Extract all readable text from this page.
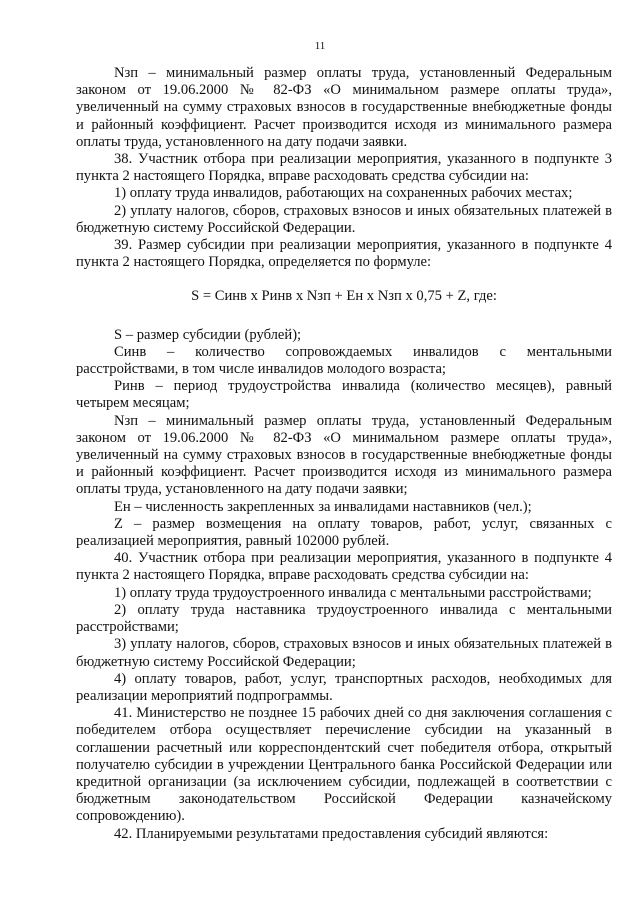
11

Nзп – минимальный размер оплаты труда, установленный Федеральным законом от 19.06.2000 № 82-ФЗ «О минимальном размере оплаты труда», увеличенный на сумму страховых взносов в государственные внебюджетные фонды и районный коэффициент. Расчет производится исходя из минимального размера оплаты труда, установленного на дату подачи заявки.

38. Участник отбора при реализации мероприятия, указанного в подпункте 3 пункта 2 настоящего Порядка, вправе расходовать средства субсидии на:

1) оплату труда инвалидов, работающих на сохраненных рабочих местах;

2) уплату налогов, сборов, страховых взносов и иных обязательных платежей в бюджетную систему Российской Федерации.

39. Размер субсидии при реализации мероприятия, указанного в подпункте 4 пункта 2 настоящего Порядка, определяется по формуле:

S = Синв x Ринв x Nзп + Ен x Nзп x 0,75 + Z, где:

S – размер субсидии (рублей);

Синв – количество сопровождаемых инвалидов с ментальными расстройствами, в том числе инвалидов молодого возраста;

Ринв – период трудоустройства инвалида (количество месяцев), равный четырем месяцам;

Nзп – минимальный размер оплаты труда, установленный Федеральным законом от 19.06.2000 № 82-ФЗ «О минимальном размере оплаты труда», увеличенный на сумму страховых взносов в государственные внебюджетные фонды и районный коэффициент. Расчет производится исходя из минимального размера оплаты труда, установленного на дату подачи заявки;

Ен – численность закрепленных за инвалидами наставников (чел.);

Z – размер возмещения на оплату товаров, работ, услуг, связанных с реализацией мероприятия, равный 102000 рублей.

40. Участник отбора при реализации мероприятия, указанного в подпункте 4 пункта 2 настоящего Порядка, вправе расходовать средства субсидии на:

1) оплату труда трудоустроенного инвалида с ментальными расстройствами;

2) оплату труда наставника трудоустроенного инвалида с ментальными расстройствами;

3) уплату налогов, сборов, страховых взносов и иных обязательных платежей в бюджетную систему Российской Федерации;

4) оплату товаров, работ, услуг, транспортных расходов, необходимых для реализации мероприятий подпрограммы.

41. Министерство не позднее 15 рабочих дней со дня заключения соглашения с победителем отбора осуществляет перечисление субсидии на указанный в соглашении расчетный или корреспондентский счет победителя отбора, открытый получателю субсидии в учреждении Центрального банка Российской Федерации или кредитной организации (за исключением субсидии, подлежащей в соответствии с бюджетным законодательством Российской Федерации казначейскому сопровождению).

42. Планируемыми результатами предоставления субсидий являются:
